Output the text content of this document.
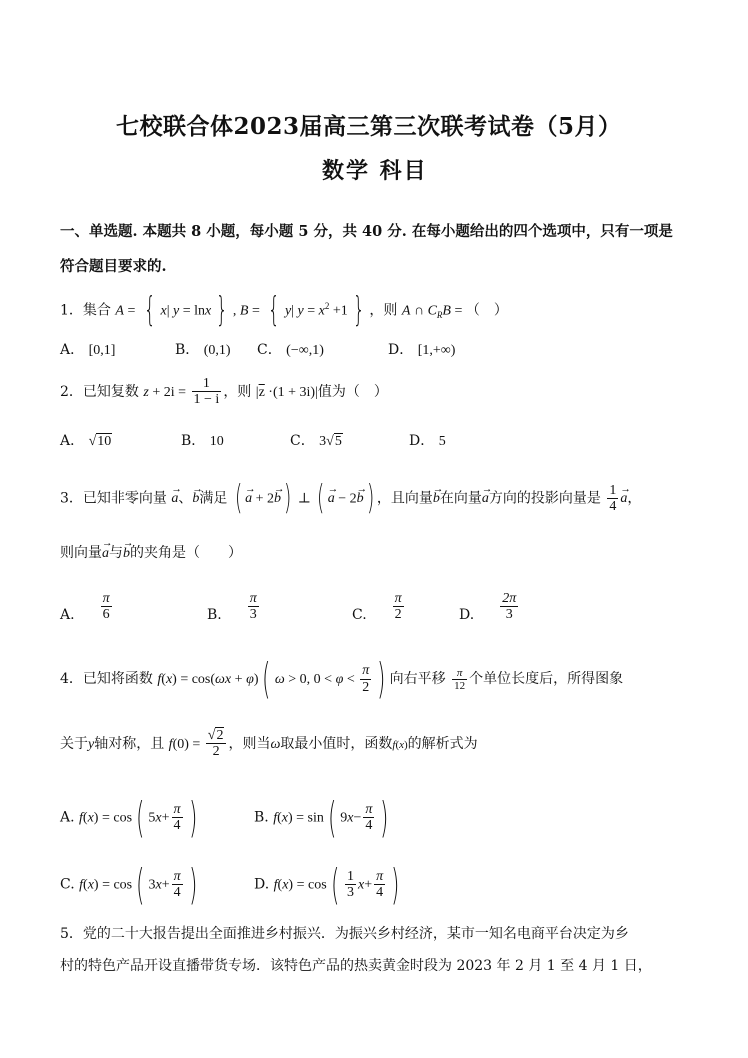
七校联合体2023届高三第三次联考试卷（5月）
数学 科目
一、单选题. 本题共 8 小题，每小题 5 分，共 40 分. 在每小题给出的四个选项中，只有一项是
符合题目要求的.
1．集合 A = { x| y = lnx } , B = { y| $y = x^2 +1$ } ，则 A ∩ $C_RB$ = （　）
A． [0,1]	B． (0,1) C． (−∞,1)	D． [1,+∞)
2．已知复数 $z + 2i = \frac{1}{1 - i}$ ，则 $|\overline{z} \cdot(1 + 3i)|$值为（　）
A． √10	B． 10	C． 3√5	D． 5
3．已知非零向量 → a、→ b满足 ( → a + 2→ b) ⊥ ( → a − 2→ b) ，且向量→ b在向量→ a方向的投影向量是 $\frac{1}{4} \to a$，
则向量→ a与→ b的夹角是（　　）
A. $\frac{\pi}{6}$	B. $\frac{\pi}{3}$	C. $\frac{\pi}{2}$	D. $\frac{2\pi}{3}$
4．已知将函数 f(x) = cos(ωx + φ)( ω > 0, $0 < \varphi < \frac{\pi}{2}$ ) 向右平移 $\frac{\pi}{12}$ 个单位长度后，所得图象
关于y轴对称，且 $f(0) = \frac{√2}{2}$ ，则当ω取最小值时，函数f(x)的解析式为
A. f(x) = cos( $5x+ \frac{\pi}{4}$ )	B. f(x) = sin( $9x- \frac{\pi}{4}$ )
C. f(x) = cos( $3x+ \frac{\pi}{4}$ )	D. $f(x) = \cos( \frac{1}{3} x+ \frac{\pi}{4}$ )
5．党的二十大报告提出全面推进乡村振兴．为振兴乡村经济，某市一知名电商平台决定为乡
村的特色产品开设直播带货专场．该特色产品的热卖黄金时段为 2023 年 2 月 1 至 4 月 1 日，
